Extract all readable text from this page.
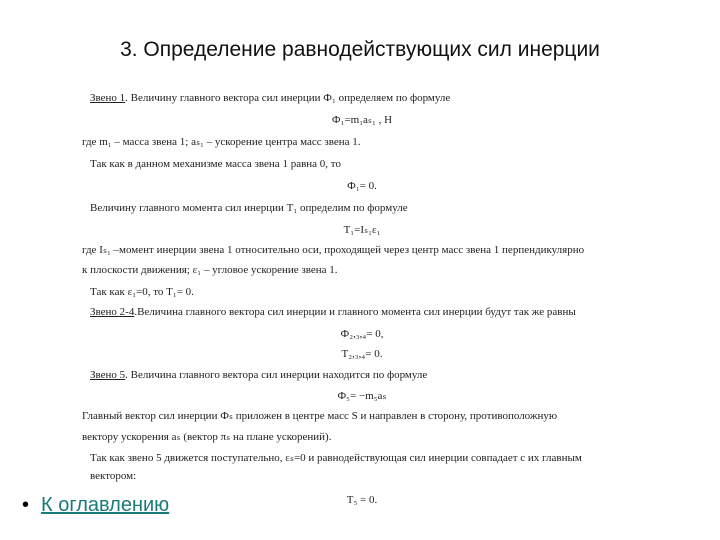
3. Определение равнодействующих сил инерции
Звено 1. Величину главного вектора сил инерции Ф₁ определяем по формуле
Ф₁=m₁aₛ₁ , Н
где m₁ – масса звена 1; aₛ₁ – ускорение центра масс звена 1.
Так как в данном механизме масса звена 1 равна 0, то
Ф₁= 0.
Величину главного момента сил инерции Т₁ определим по формуле
Т₁=Iₛ₁ε₁
где Iₛ₁ –момент инерции звена 1 относительно оси, проходящей через центр масс звена 1 перпендикулярно
к плоскости движения; ε₁ – угловое ускорение звена 1.
Так как ε₁=0, то Т₁= 0.
Звено 2-4.Величина главного вектора сил инерции и главного момента сил инерции будут так же равны
Ф₂,₃,₄= 0,
Т₂,₃,₄= 0.
Звено 5. Величина главного вектора сил инерции находится по формуле
Ф₅= −m₅aₛ
Главный вектор сил инерции Фₛ приложен в центре масс S и направлен в сторону, противоположную
вектору ускорения aₛ (вектор πₛ на плане ускорений).
Так как звено 5 движется поступательно, εₛ=0 и равнодействующая сил инерции совпадает с их главным
вектором:
Т₅ = 0.
• К оглавлению
